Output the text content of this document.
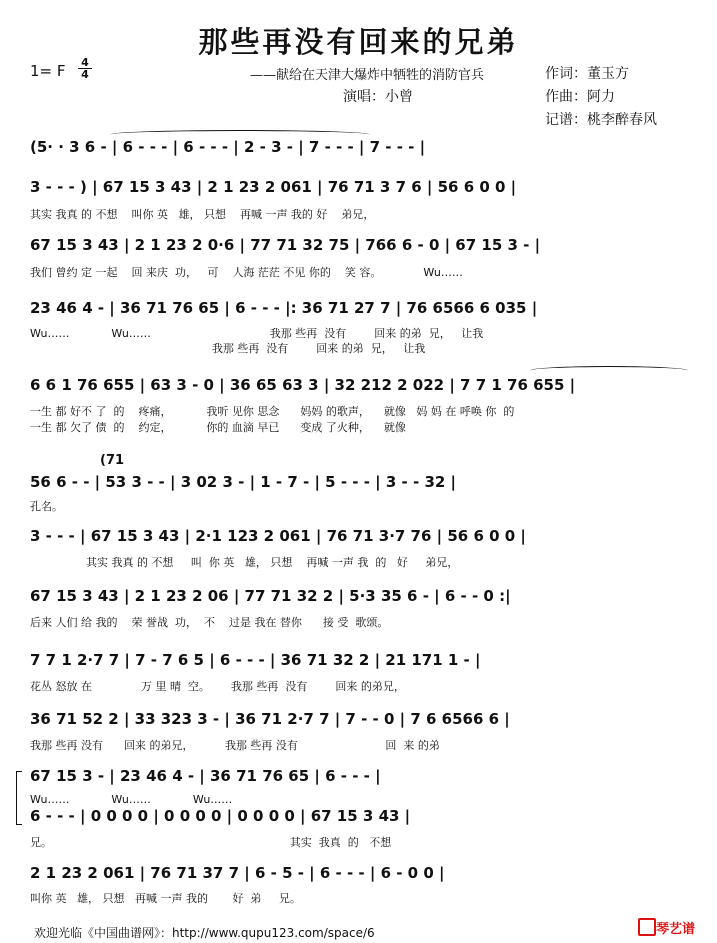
那些再没有回来的兄弟
1= F 4
4	——献给在天津大爆炸中牺牲的消防官兵	作词：董玉方
演唱：小曾	作曲：阿力
记谱：桃李醉春风
(5· · 3 6 - | 6 - - - | 6 - - - | 2 - 3 - | 7 - - - | 7 - - - |
3 - - - ) | 67 15 3 43 | 2 1 23 2 061 | 76 71 3 7 6 | 56 6 0 0 |
其实 我真 的 不想    叫你 英   雄， 只想    再喊 一声 我的 好    弟兄，
67 15 3 43 | 2 1 23 2 0·6 | 77 71 32 75 | 766 6 - 0 | 67 15 3 - |
我们 曾约 定 一起    回 来庆  功，   可    人海 茫茫 不见 你的    笑 容。            Wu……
23 46 4 - | 36 71 76 65 | 6 - - - |: 36 71 27 7 | 76 6566 6 035 |
Wu……            Wu……                                  我那 些再  没有        回来 的弟  兄，   让我
我那 些再  没有        回来 的弟  兄，   让我
6 6 1 76 655 | 63 3 - 0 | 36 65 63 3 | 32 212 2 022 | 7 7 1 76 655 |
一生 都 好不 了  的    疼痛，          我听 见你 思念      妈妈 的歌声，    就像   妈 妈 在 呼唤 你  的
一生 都 欠了 债  的    约定，          你的 血滴 早已      变成 了火种，    就像
(71
56 6 - - | 53 3 - - | 3 02 3 - | 1 - 7 - | 5 - - - | 3 - - 32 |
孔名。
3 - - - | 67 15 3 43 | 2·1 123 2 061 | 76 71 3·7 76 | 56 6 0 0 |
其实 我真 的 不想     叫  你 英   雄， 只想    再喊 一声 我  的   好     弟兄，
67 15 3 43 | 2 1 23 2 06 | 77 71 32 2 | 5·3 35 6 - | 6 - - 0 :|
后来 人们 给 我的    荣 誉战  功，  不    过是 我在 替你      接 受  歌颂。
7 7 1 2·7 7 | 7 - 7 6 5 | 6 - - - | 36 71 32 2 | 21 171 1 - |
花丛 怒放 在              万 里 晴  空。      我那 些再  没有        回来 的弟兄，
36 71 52 2 | 33 323 3 - | 36 71 2·7 7 | 7 - - 0 | 7 6 6566 6 |
我那 些再 没有      回来 的弟兄，         我那 些再 没有                         回  来 的弟
67 15 3 - | 23 46 4 - | 36 71 76 65 | 6 - - - |
Wu……            Wu……            Wu……
6 - - - | 0 0 0 0 | 0 0 0 0 | 0 0 0 0 | 67 15 3 43 |
兄。                                                                    其实  我真  的   不想
2 1 23 2 061 | 76 71 37 7 | 6 - 5 - | 6 - - - | 6 - 0 0 |
叫你 英   雄， 只想   再喊 一声 我的       好  弟     兄。
欢迎光临《中国曲谱网》：http://www.qupu123.com/space/6	琴艺谱
